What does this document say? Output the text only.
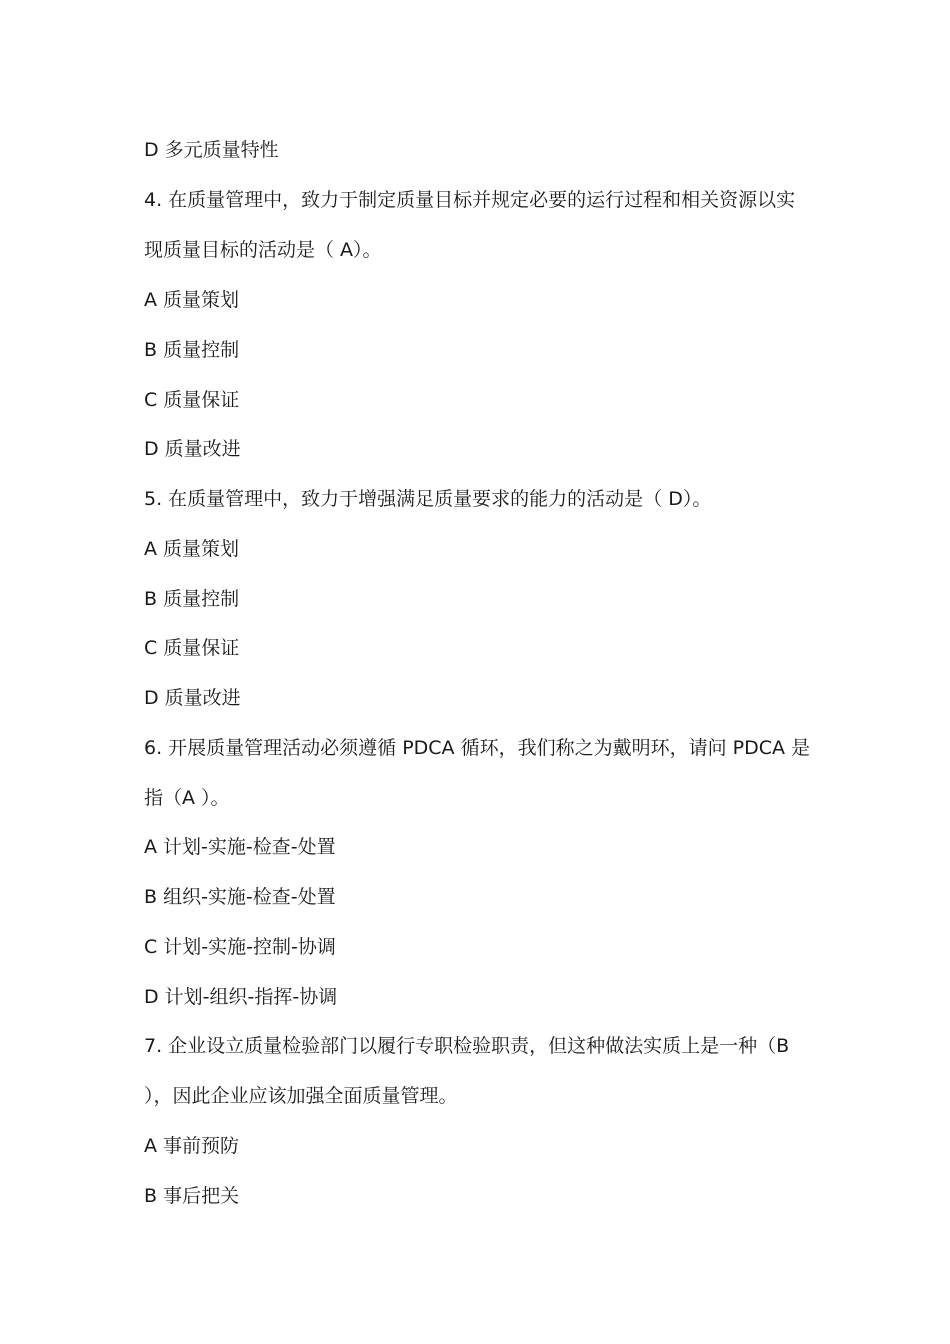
D 多元质量特性
4. 在质量管理中，致力于制定质量目标并规定必要的运行过程和相关资源以实
现质量目标的活动是（ A）。
A 质量策划
B 质量控制
C 质量保证
D 质量改进
5. 在质量管理中，致力于增强满足质量要求的能力的活动是（ D）。
A 质量策划
B 质量控制
C 质量保证
D 质量改进
6. 开展质量管理活动必须遵循 PDCA 循环，我们称之为戴明环，请问 PDCA 是
指（A ）。
A 计划-实施-检查-处置
B 组织-实施-检查-处置
C 计划-实施-控制-协调
D 计划-组织-指挥-协调
7. 企业设立质量检验部门以履行专职检验职责，但这种做法实质上是一种（B
），因此企业应该加强全面质量管理。
A 事前预防
B 事后把关
